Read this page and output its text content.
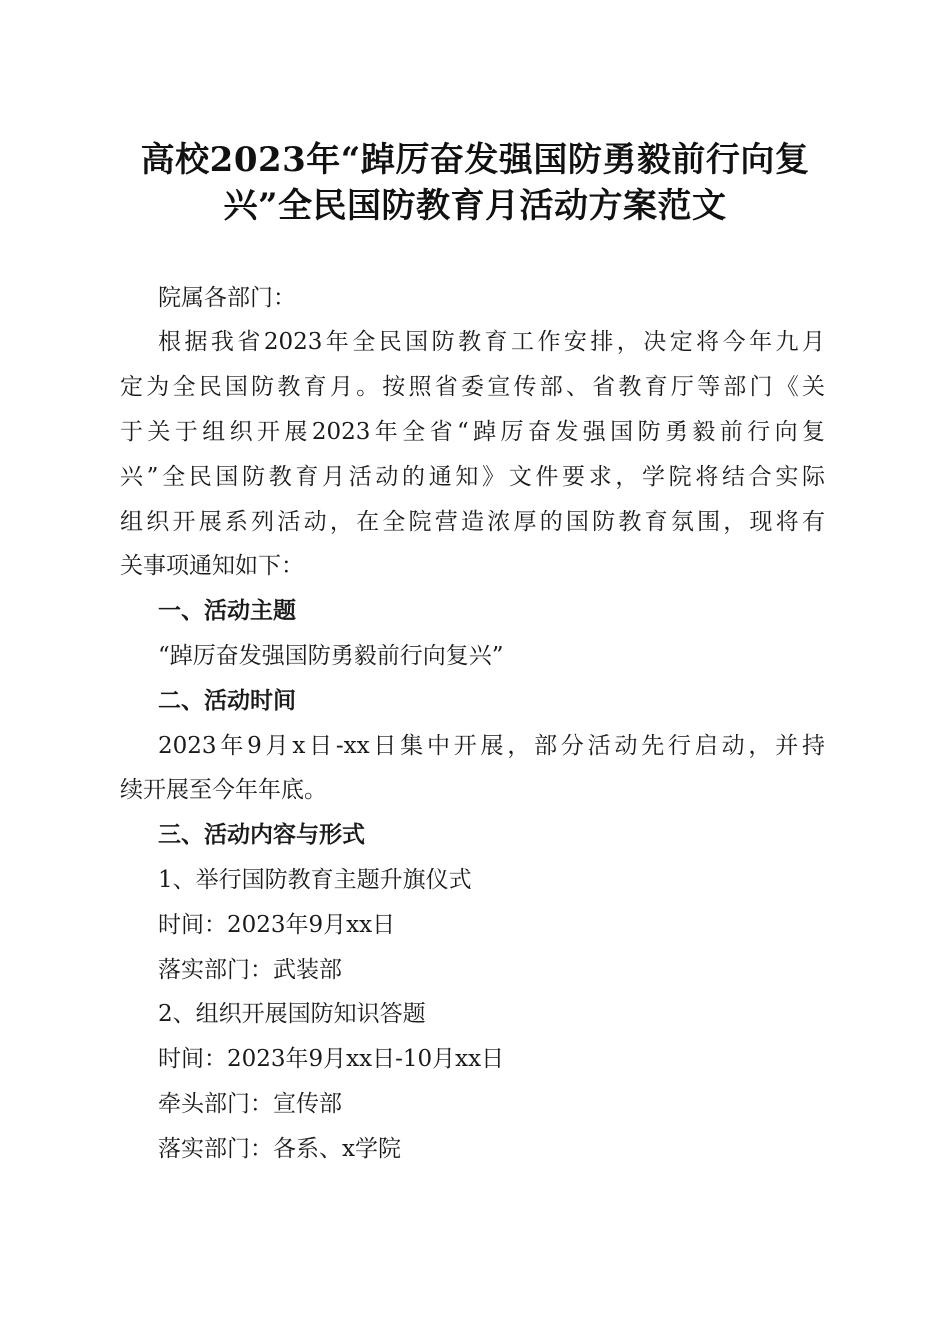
高校2023年“踔厉奋发强国防勇毅前行向复
兴”全民国防教育月活动方案范文
院属各部门：
根据我省2023年全民国防教育工作安排，决定将今年九月
定为全民国防教育月。按照省委宣传部、省教育厅等部门《关
于关于组织开展2023年全省“踔厉奋发强国防勇毅前行向复
兴”全民国防教育月活动的通知》文件要求，学院将结合实际
组织开展系列活动，在全院营造浓厚的国防教育氛围，现将有
关事项通知如下：
一、活动主题
“踔厉奋发强国防勇毅前行向复兴”
二、活动时间
2023年9月x日-xx日集中开展，部分活动先行启动，并持
续开展至今年年底。
三、活动内容与形式
1、举行国防教育主题升旗仪式
时间：2023年9月xx日
落实部门：武装部
2、组织开展国防知识答题
时间：2023年9月xx日-10月xx日
牵头部门：宣传部
落实部门：各系、x学院
